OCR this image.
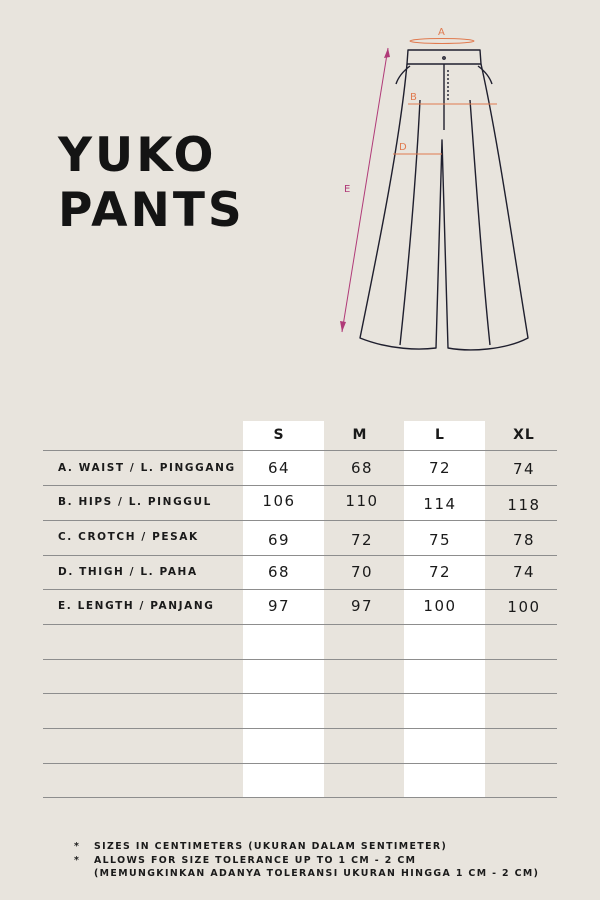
YUKO
PANTS
A
B
D
E
S	M	L	XL
A. WAIST / L. PINGGANG	64	68	72	74
B. HIPS / L. PINGGUL	106	110	114	118
C. CROTCH / PESAK	69	72	75	78
D. THIGH / L. PAHA	68	70	72	74
E. LENGTH / PANJANG	97	97	100	100
* SIZES IN CENTIMETERS (UKURAN DALAM SENTIMETER)
* ALLOWS FOR SIZE TOLERANCE UP TO 1 CM - 2 CM
(MEMUNGKINKAN ADANYA TOLERANSI UKURAN HINGGA 1 CM - 2 CM)
